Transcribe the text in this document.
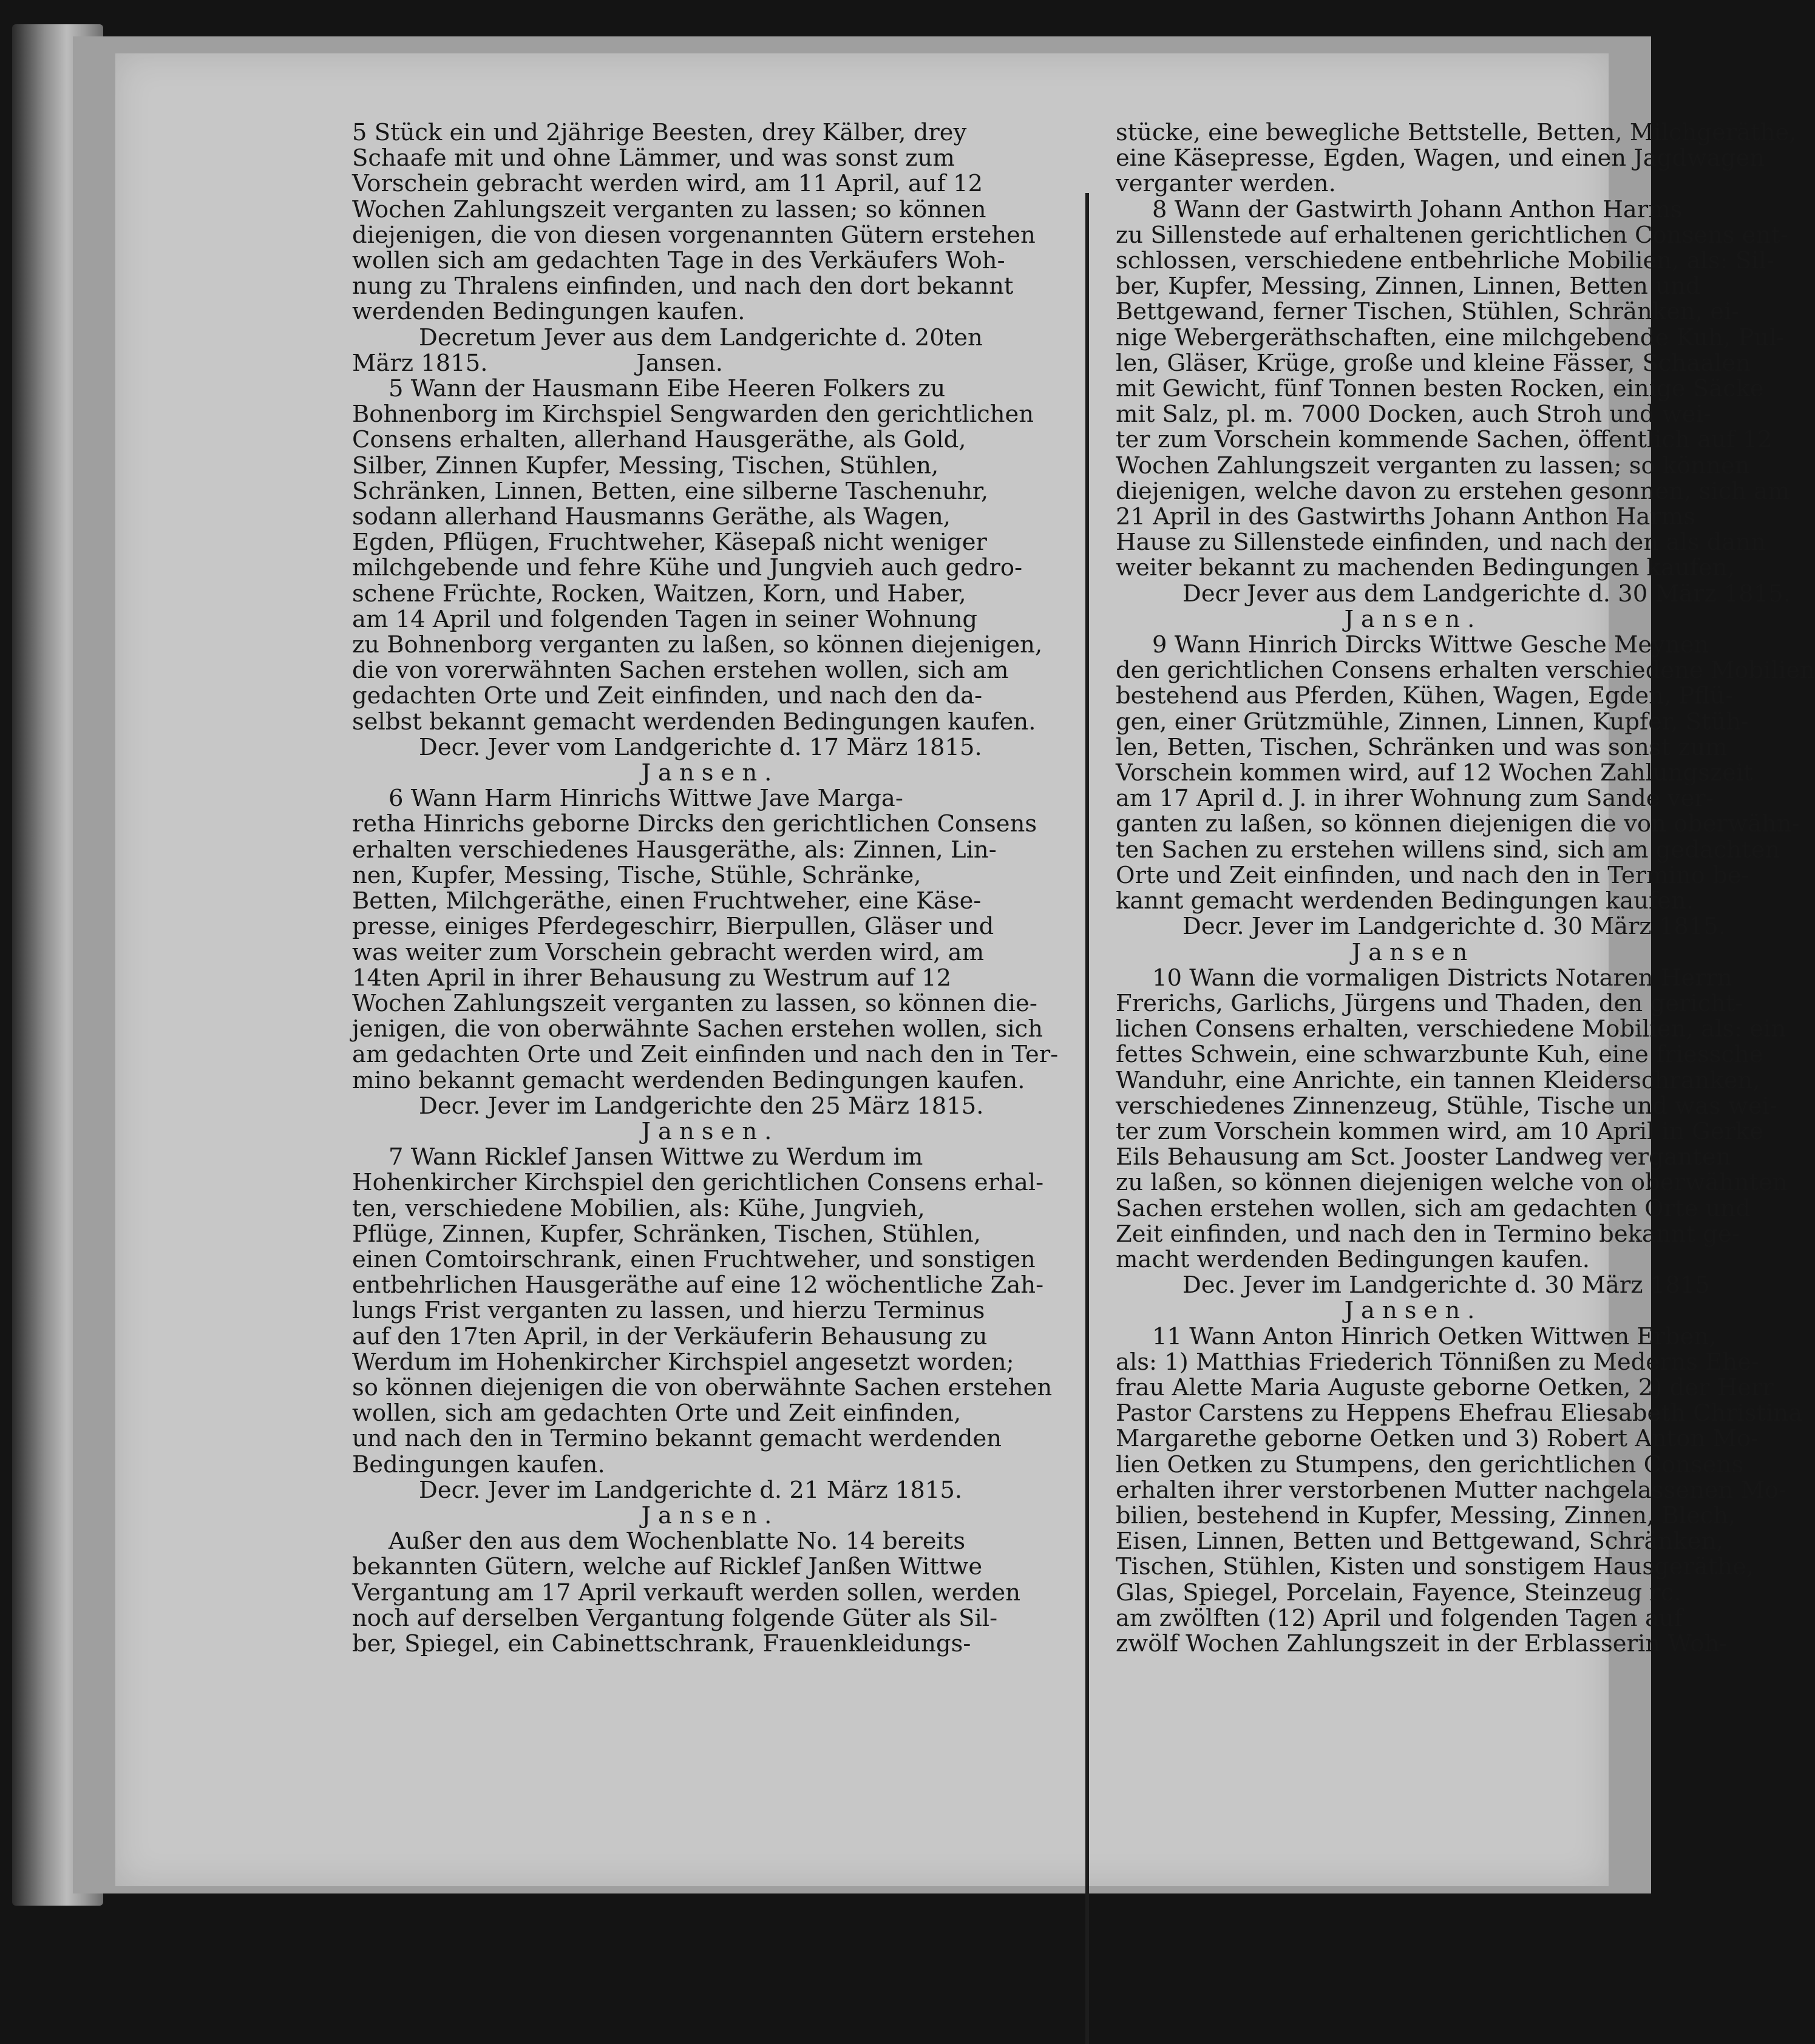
5 Stück ein und 2jährige Beesten, drey Kälber, drey
Schaafe mit und ohne Lämmer, und was sonst zum
Vorschein gebracht werden wird, am 11 April, auf 12
Wochen Zahlungszeit verganten zu lassen; so können
diejenigen, die von diesen vorgenannten Gütern erstehen
wollen sich am gedachten Tage in des Verkäufers Woh-
nung zu Thralens einfinden, und nach den dort bekannt
werdenden Bedingungen kaufen.
Decretum Jever aus dem Landgerichte d. 20ten
März 1815.                    Jansen.
5 Wann der Hausmann Eibe Heeren Folkers zu
Bohnenborg im Kirchspiel Sengwarden den gerichtlichen
Consens erhalten, allerhand Hausgeräthe, als Gold,
Silber, Zinnen Kupfer, Messing, Tischen, Stühlen,
Schränken, Linnen, Betten, eine silberne Taschenuhr,
sodann allerhand Hausmanns Geräthe, als Wagen,
Egden, Pflügen, Fruchtweher, Käsepaß nicht weniger
milchgebende und fehre Kühe und Jungvieh auch gedro-
schene Früchte, Rocken, Waitzen, Korn, und Haber,
am 14 April und folgenden Tagen in seiner Wohnung
zu Bohnenborg verganten zu laßen, so können diejenigen,
die von vorerwähnten Sachen erstehen wollen, sich am
gedachten Orte und Zeit einfinden, und nach den da-
selbst bekannt gemacht werdenden Bedingungen kaufen.
Decr. Jever vom Landgerichte d. 17 März 1815.
Jansen.
6 Wann Harm Hinrichs Wittwe Jave Marga-
retha Hinrichs geborne Dircks den gerichtlichen Consens
erhalten verschiedenes Hausgeräthe, als: Zinnen, Lin-
nen, Kupfer, Messing, Tische, Stühle, Schränke,
Betten, Milchgeräthe, einen Fruchtweher, eine Käse-
presse, einiges Pferdegeschirr, Bierpullen, Gläser und
was weiter zum Vorschein gebracht werden wird, am
14ten April in ihrer Behausung zu Westrum auf 12
Wochen Zahlungszeit verganten zu lassen, so können die-
jenigen, die von oberwähnte Sachen erstehen wollen, sich
am gedachten Orte und Zeit einfinden und nach den in Ter-
mino bekannt gemacht werdenden Bedingungen kaufen.
Decr. Jever im Landgerichte den 25 März 1815.
Jansen.
7 Wann Ricklef Jansen Wittwe zu Werdum im
Hohenkircher Kirchspiel den gerichtlichen Consens erhal-
ten, verschiedene Mobilien, als: Kühe, Jungvieh,
Pflüge, Zinnen, Kupfer, Schränken, Tischen, Stühlen,
einen Comtoirschrank, einen Fruchtweher, und sonstigen
entbehrlichen Hausgeräthe auf eine 12 wöchentliche Zah-
lungs Frist verganten zu lassen, und hierzu Terminus
auf den 17ten April, in der Verkäuferin Behausung zu
Werdum im Hohenkircher Kirchspiel angesetzt worden;
so können diejenigen die von oberwähnte Sachen erstehen
wollen, sich am gedachten Orte und Zeit einfinden,
und nach den in Termino bekannt gemacht werdenden
Bedingungen kaufen.
Decr. Jever im Landgerichte d. 21 März 1815.
Jansen.
Außer den aus dem Wochenblatte No. 14 bereits
bekannten Gütern, welche auf Ricklef Janßen Wittwe
Vergantung am 17 April verkauft werden sollen, werden
noch auf derselben Vergantung folgende Güter als Sil-
ber, Spiegel, ein Cabinettschrank, Frauenkleidungs-
stücke, eine bewegliche Bettstelle, Betten, Milchgeräthe,
eine Käsepresse, Egden, Wagen, und einen Jagdwagen
verganter werden.
8 Wann der Gastwirth Johann Anthon Harms
zu Sillenstede auf erhaltenen gerichtlichen Consens ent-
schlossen, verschiedene entbehrliche Mobilien, als: Sil-
ber, Kupfer, Messing, Zinnen, Linnen, Betten und
Bettgewand, ferner Tischen, Stühlen, Schränken, ei-
nige Webergeräthschaften, eine milchgebende Kuh, Pul-
len, Gläser, Krüge, große und kleine Fässer, Schaalen
mit Gewicht, fünf Tonnen besten Rocken, einige Säcke
mit Salz, pl. m. 7000 Docken, auch Stroh und wei-
ter zum Vorschein kommende Sachen, öffentlich auf 12
Wochen Zahlungszeit verganten zu lassen; so können
diejenigen, welche davon zu erstehen gesonnen, sich am
21 April in des Gastwirths Johann Anthon Harms
Hause zu Sillenstede einfinden, und nach den als dann
weiter bekannt zu machenden Bedingungen kaufen,
Decr Jever aus dem Landgerichte d. 30 März 1815.
Jansen.
9 Wann Hinrich Dircks Wittwe Gesche Meynen
den gerichtlichen Consens erhalten verschiedene Mobilien
bestehend aus Pferden, Kühen, Wagen, Egden, Pflü-
gen, einer Grützmühle, Zinnen, Linnen, Kupfer, Stüh-
len, Betten, Tischen, Schränken und was sonst zum
Vorschein kommen wird, auf 12 Wochen Zahlungszeit
am 17 April d. J. in ihrer Wohnung zum Sande ver-
ganten zu laßen, so können diejenigen die von oberwähn-
ten Sachen zu erstehen willens sind, sich am gedachten
Orte und Zeit einfinden, und nach den in Termino be-
kannt gemacht werdenden Bedingungen kaufen.
Decr. Jever im Landgerichte d. 30 März 1815.
Jansen
10 Wann die vormaligen Districts Notaren Herrn
Frerichs, Garlichs, Jürgens und Thaden, den gericht-
lichen Consens erhalten, verschiedene Mobilien, als: ein
fettes Schwein, eine schwarzbunte Kuh, eine friessche
Wanduhr, eine Anrichte, ein tannen Kleiderschranken,
verschiedenes Zinnenzeug, Stühle, Tische und was wei-
ter zum Vorschein kommen wird, am 10 April in Gerke
Eils Behausung am Sct. Jooster Landweg verganten
zu laßen, so können diejenigen welche von oberwähnten
Sachen erstehen wollen, sich am gedachten Orte und
Zeit einfinden, und nach den in Termino bekannt ge-
macht werdenden Bedingungen kaufen.
Dec. Jever im Landgerichte d. 30 März 1815
Jansen.
11 Wann Anton Hinrich Oetken Wittwen Erben,
als: 1) Matthias Friederich Tönnißen zu Mederns Ehe-
frau Alette Maria Auguste geborne Oetken, 2) der Herr
Pastor Carstens zu Heppens Ehefrau Eliesabeth Christina
Margarethe geborne Oetken und 3) Robert Anton Mo-
lien Oetken zu Stumpens, den gerichtlichen Consens
erhalten ihrer verstorbenen Mutter nachgelassenen Mo-
bilien, bestehend in Kupfer, Messing, Zinnen, Blech,
Eisen, Linnen, Betten und Bettgewand, Schränken,
Tischen, Stühlen, Kisten und sonstigem Hausgeräthe,
Glas, Spiegel, Porcelain, Fayence, Steinzeug rc.
am zwölften (12) April und folgenden Tagen auf
zwölf Wochen Zahlungszeit in der Erblasserin Woh-
